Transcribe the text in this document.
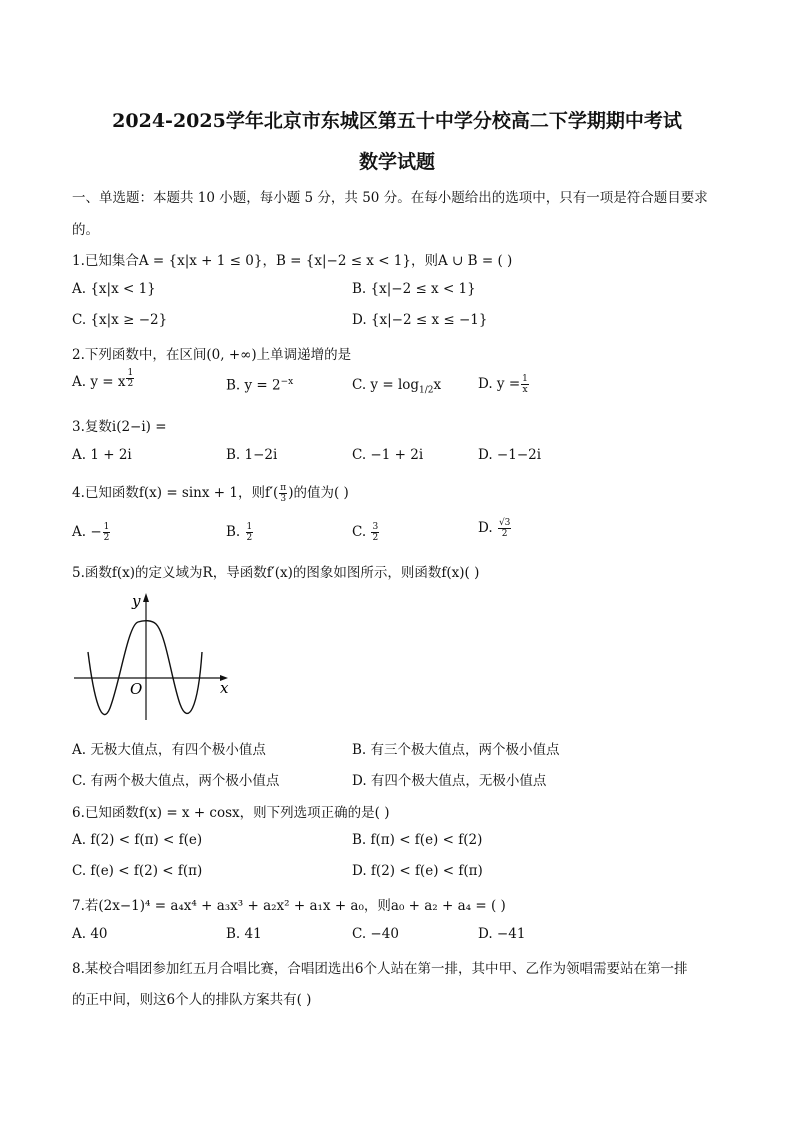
2024-2025学年北京市东城区第五十中学分校高二下学期期中考试
数学试题
一、单选题：本题共 10 小题，每小题 5 分，共 50 分。在每小题给出的选项中，只有一项是符合题目要求
的。
1.已知集合A = {x|x + 1 ≤ 0}，B = {x|−2 ≤ x < 1}，则A ∪ B = ( )
A. {x|x < 1}	B. {x|−2 ≤ x < 1}
C. {x|x ≥ −2}	D. {x|−2 ≤ x ≤ −1}
2.下列函数中，在区间(0, +∞)上单调递增的是
A. y = x $\frac{1}{2}$	B. $y = 2^{-x}$	C. $y = \log_{1/2}x$	D. $y = \frac{1}{x}$
3.复数i(2−i) =
A. 1 + 2i	B. 1−2i	C. −1 + 2i	D. −1−2i
4.已知函数f(x) = sinx + 1，则$f'( \frac{\pi}{3}$ )的值为( )
A. − $\frac{1}{2}$	B. $\frac{1}{2}$	C. $\frac{3}{2}$	D. $\frac{√3}{2}$
5.函数f(x)的定义域为R，导函数f′(x)的图象如图所示，则函数f(x)( )
y
x
O
A. 无极大值点，有四个极小值点	B. 有三个极大值点，两个极小值点
C. 有两个极大值点，两个极小值点	D. 有四个极大值点，无极小值点
6.已知函数f(x) = x + cosx，则下列选项正确的是( )
A. f(2) < f(π) < f(e)	B. f(π) < f(e) < f(2)
C. f(e) < f(2) < f(π)	D. f(2) < f(e) < f(π)
7.若(2x−1)⁴ = a₄x⁴ + a₃x³ + a₂x² + a₁x + a₀，则a₀ + a₂ + a₄ = ( )
A. 40	B. 41	C. −40	D. −41
8.某校合唱团参加红五月合唱比赛，合唱团选出6个人站在第一排，其中甲、乙作为领唱需要站在第一排
的正中间，则这6个人的排队方案共有( )
